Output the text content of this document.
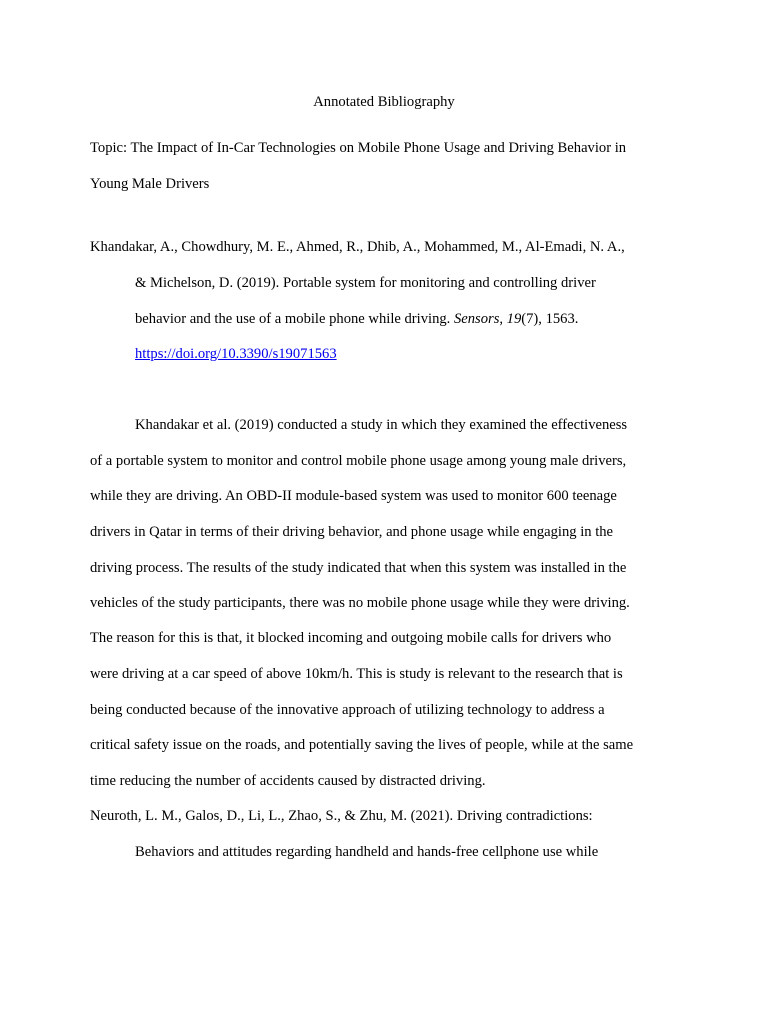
Annotated Bibliography
Topic: The Impact of In-Car Technologies on Mobile Phone Usage and Driving Behavior in
Young Male Drivers
Khandakar, A., Chowdhury, M. E., Ahmed, R., Dhib, A., Mohammed, M., Al-Emadi, N. A.,
& Michelson, D. (2019). Portable system for monitoring and controlling driver
behavior and the use of a mobile phone while driving. Sensors, 19(7), 1563.
https://doi.org/10.3390/s19071563
Khandakar et al. (2019) conducted a study in which they examined the effectiveness
of a portable system to monitor and control mobile phone usage among young male drivers,
while they are driving. An OBD-II module-based system was used to monitor 600 teenage
drivers in Qatar in terms of their driving behavior, and phone usage while engaging in the
driving process. The results of the study indicated that when this system was installed in the
vehicles of the study participants, there was no mobile phone usage while they were driving.
The reason for this is that, it blocked incoming and outgoing mobile calls for drivers who
were driving at a car speed of above 10km/h. This is study is relevant to the research that is
being conducted because of the innovative approach of utilizing technology to address a
critical safety issue on the roads, and potentially saving the lives of people, while at the same
time reducing the number of accidents caused by distracted driving.
Neuroth, L. M., Galos, D., Li, L., Zhao, S., & Zhu, M. (2021). Driving contradictions:
Behaviors and attitudes regarding handheld and hands-free cellphone use while
